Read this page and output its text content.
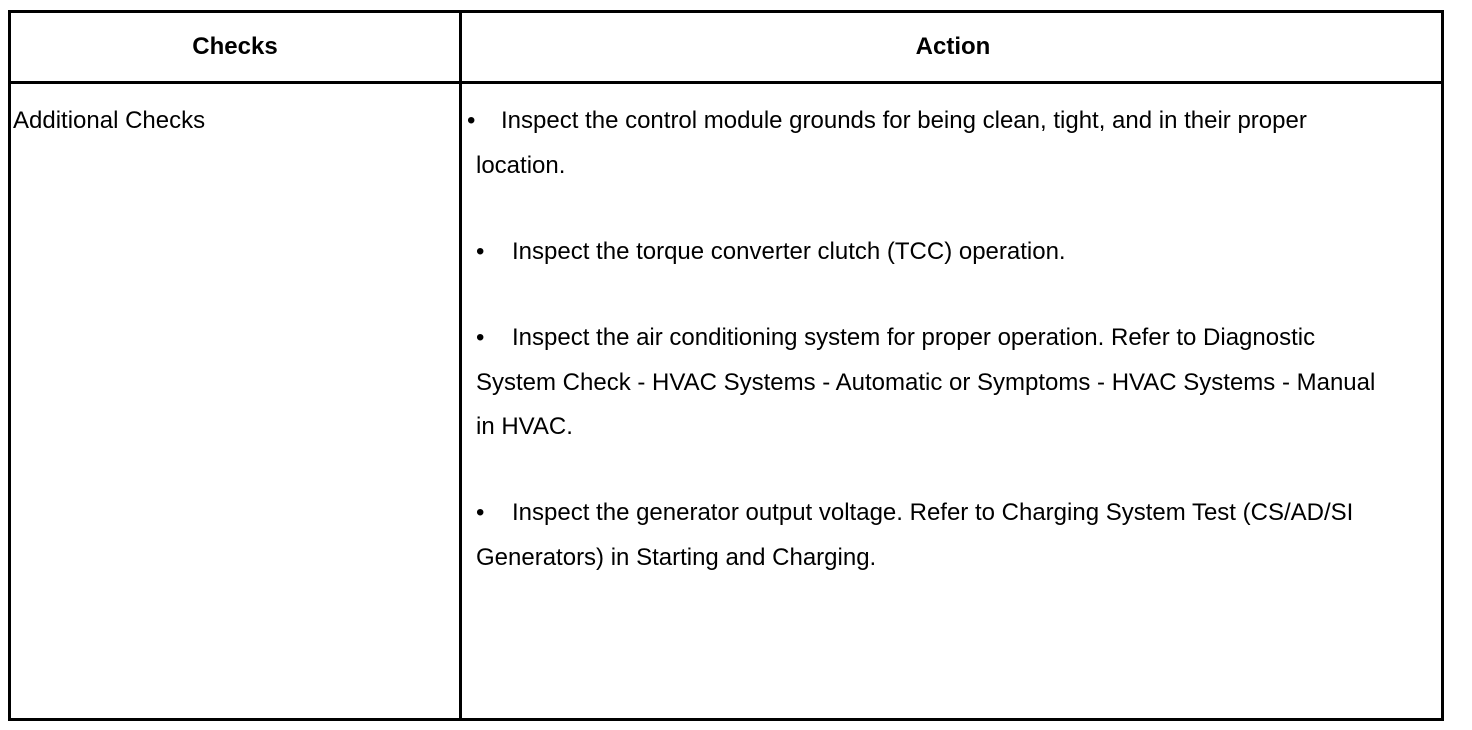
Checks	Action
Additional Checks	• Inspect the control module grounds for being clean, tight, and in their proper location.
• Inspect the torque converter clutch (TCC) operation.
• Inspect the air conditioning system for proper operation. Refer to Diagnostic System Check - HVAC Systems - Automatic or Symptoms - HVAC Systems - Manual in HVAC.
• Inspect the generator output voltage. Refer to Charging System Test (CS/AD/SI Generators) in Starting and Charging.
